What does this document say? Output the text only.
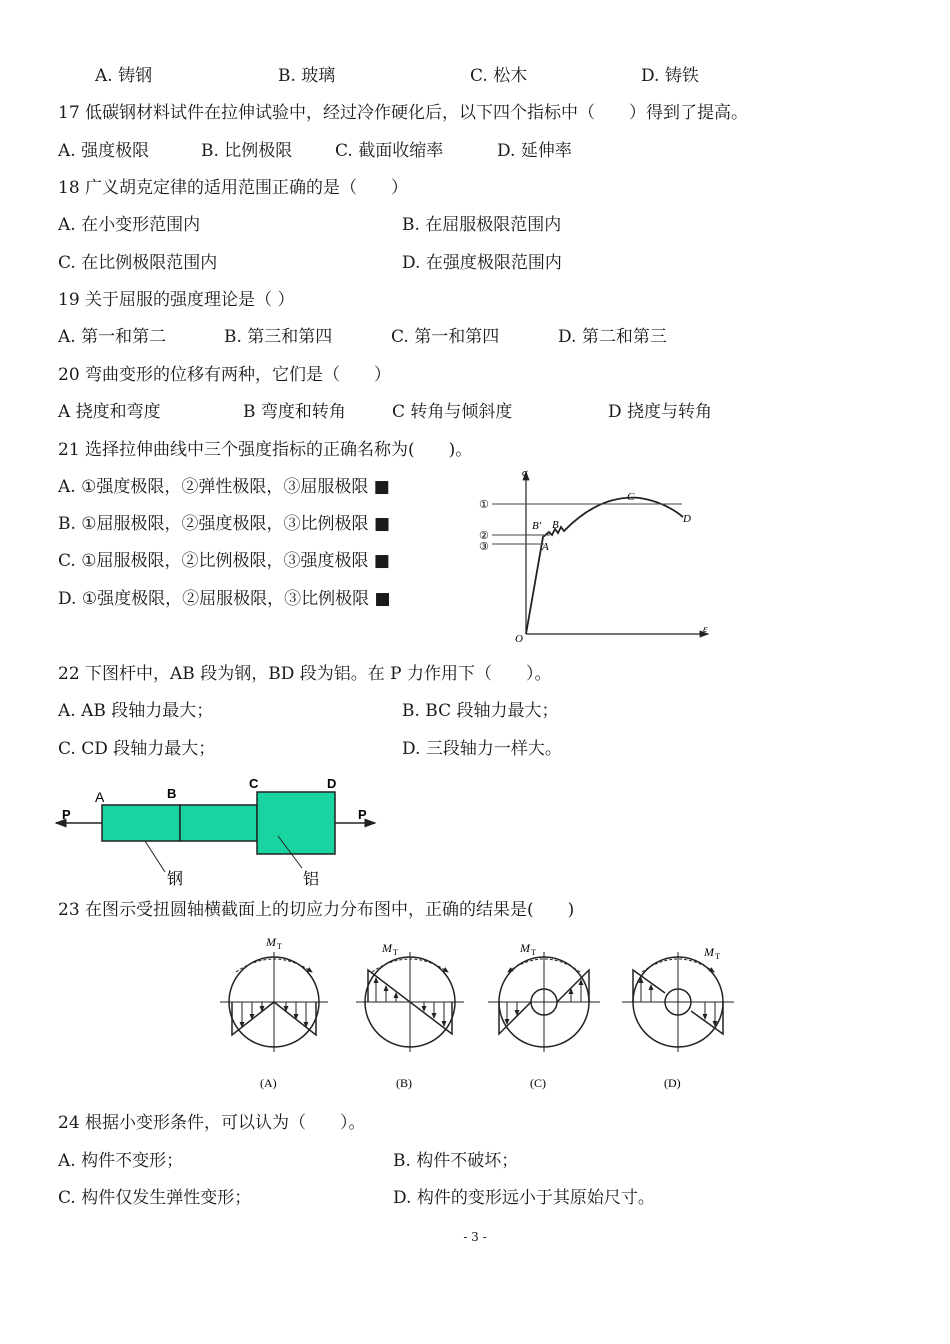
A. 铸钢	B. 玻璃	C. 松木	D. 铸铁
17 低碳钢材料试件在拉伸试验中，经过冷作硬化后，以下四个指标中（　　）得到了提高。
A. 强度极限	B. 比例极限	C. 截面收缩率	D. 延伸率
18 广义胡克定律的适用范围正确的是（　　）
A. 在小变形范围内	B. 在屈服极限范围内
C. 在比例极限范围内	D. 在强度极限范围内
19 关于屈服的强度理论是（ ）
A. 第一和第二	B. 第三和第四	C. 第一和第四	D. 第二和第三
20 弯曲变形的位移有两种，它们是（　　）
A 挠度和弯度	B 弯度和转角	C 转角与倾斜度	D 挠度与转角
21 选择拉伸曲线中三个强度指标的正确名称为(　　)。
A. ①强度极限，②弹性极限，③屈服极限 ■
B. ①屈服极限，②强度极限，③比例极限 ■
C. ①屈服极限，②比例极限，③强度极限 ■
D. ①强度极限，②屈服极限，③比例极限 ■
σ
ε
O
A
B′ B
C
D
①
②
③
22 下图杆中，AB 段为钢，BD 段为铝。在 P 力作用下（　　）。
A. AB 段轴力最大；	B. BC 段轴力最大；
C. CD 段轴力最大；	D. 三段轴力一样大。
P	P
A	B
C	D
钢	铝
23 在图示受扭圆轴横截面上的切应力分布图中，正确的结果是(　　)
M T
(A)
M T
(B)
M T
(C)
M T
(D)
24 根据小变形条件，可以认为（　　）。
A. 构件不变形；	B. 构件不破坏；
C. 构件仅发生弹性变形；	D. 构件的变形远小于其原始尺寸。
- 3 -
